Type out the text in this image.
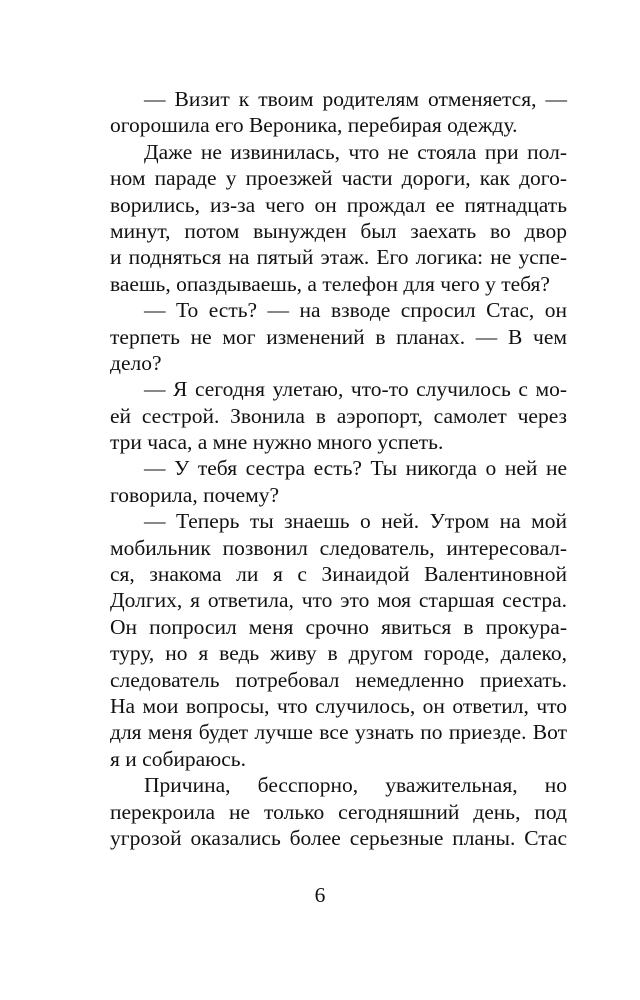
— Визит к твоим родителям отменяется, —
огорошила его Вероника, перебирая одежду.
Даже не извинилась, что не стояла при пол-
ном параде у проезжей части дороги, как дого-
ворились, из-за чего он прождал ее пятнадцать
минут, потом вынужден был заехать во двор
и подняться на пятый этаж. Его логика: не успе-
ваешь, опаздываешь, а телефон для чего у тебя?
— То есть? — на взводе спросил Стас, он
терпеть не мог изменений в планах. — В чем
дело?
— Я сегодня улетаю, что-то случилось с мо-
ей сестрой. Звонила в аэропорт, самолет через
три часа, а мне нужно много успеть.
— У тебя сестра есть? Ты никогда о ней не
говорила, почему?
— Теперь ты знаешь о ней. Утром на мой
мобильник позвонил следователь, интересовал-
ся, знакома ли я с Зинаидой Валентиновной
Долгих, я ответила, что это моя старшая сестра.
Он попросил меня срочно явиться в прокура-
туру, но я ведь живу в другом городе, далеко,
следователь потребовал немедленно приехать.
На мои вопросы, что случилось, он ответил, что
для меня будет лучше все узнать по приезде. Вот
я и собираюсь.
Причина, бесспорно, уважительная, но
перекроила не только сегодняшний день, под
угрозой оказались более серьезные планы. Стас
6
